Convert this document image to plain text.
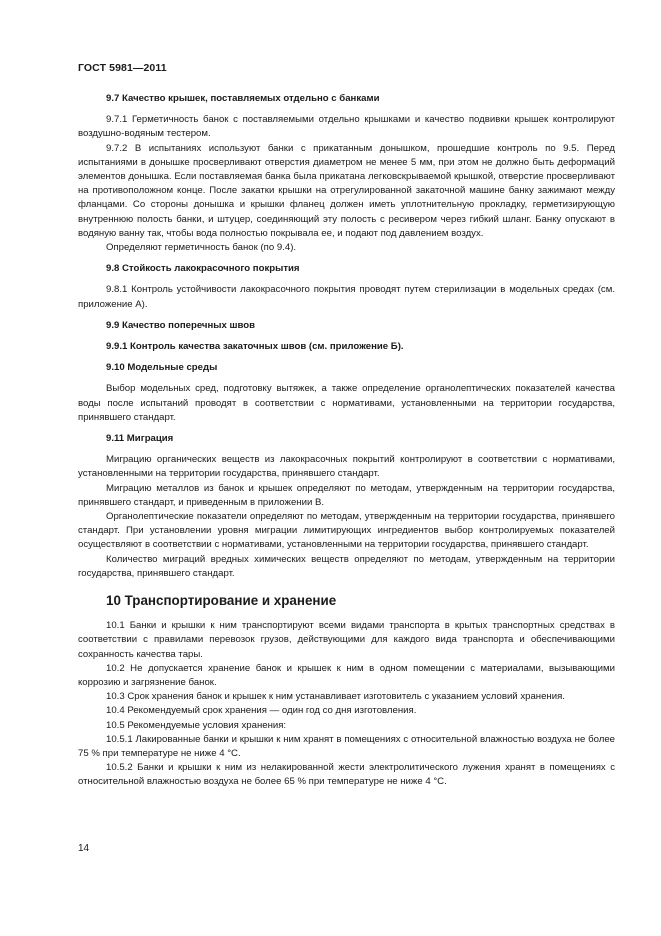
ГОСТ 5981—2011
9.7 Качество крышек, поставляемых отдельно с банками
9.7.1 Герметичность банок с поставляемыми отдельно крышками и качество подвивки крышек контролируют воздушно-водяным тестером.
9.7.2 В испытаниях используют банки с прикатанным донышком, прошедшие контроль по 9.5. Перед испытаниями в донышке просверливают отверстия диаметром не менее 5 мм, при этом не должно быть деформаций элементов донышка. Если поставляемая банка была прикатана легковскрываемой крышкой, отверстие просверливают на противоположном конце. После закатки крышки на отрегулированной закаточной машине банку зажимают между фланцами. Со стороны донышка и крышки фланец должен иметь уплотнительную прокладку, герметизирующую внутреннюю полость банки, и штуцер, соединяющий эту полость с ресивером через гибкий шланг. Банку опускают в водяную ванну так, чтобы вода полностью покрывала ее, и подают под давлением воздух.
Определяют герметичность банок (по 9.4).
9.8 Стойкость лакокрасочного покрытия
9.8.1 Контроль устойчивости лакокрасочного покрытия проводят путем стерилизации в модельных средах (см. приложение А).
9.9 Качество поперечных швов
9.9.1 Контроль качества закаточных швов (см. приложение Б).
9.10 Модельные среды
Выбор модельных сред, подготовку вытяжек, а также определение органолептических показателей качества воды после испытаний проводят в соответствии с нормативами, установленными на территории государства, принявшего стандарт.
9.11 Миграция
Миграцию органических веществ из лакокрасочных покрытий контролируют в соответствии с нормативами, установленными на территории государства, принявшего стандарт.
Миграцию металлов из банок и крышек определяют по методам, утвержденным на территории государства, принявшего стандарт, и приведенным в приложении В.
Органолептические показатели определяют по методам, утвержденным на территории государства, принявшего стандарт. При установлении уровня миграции лимитирующих ингредиентов выбор контролируемых показателей осуществляют в соответствии с нормативами, установленными на территории государства, принявшего стандарт.
Количество миграций вредных химических веществ определяют по методам, утвержденным на территории государства, принявшего стандарт.
10 Транспортирование и хранение
10.1 Банки и крышки к ним транспортируют всеми видами транспорта в крытых транспортных средствах в соответствии с правилами перевозок грузов, действующими для каждого вида транспорта и обеспечивающими сохранность качества тары.
10.2 Не допускается хранение банок и крышек к ним в одном помещении с материалами, вызывающими коррозию и загрязнение банок.
10.3 Срок хранения банок и крышек к ним устанавливает изготовитель с указанием условий хранения.
10.4 Рекомендуемый срок хранения — один год со дня изготовления.
10.5 Рекомендуемые условия хранения:
10.5.1 Лакированные банки и крышки к ним хранят в помещениях с относительной влажностью воздуха не более 75 % при температуре не ниже 4 °С.
10.5.2 Банки и крышки к ним из нелакированной жести электролитического лужения хранят в помещениях с относительной влажностью воздуха не более 65 % при температуре не ниже 4 °С.
14
